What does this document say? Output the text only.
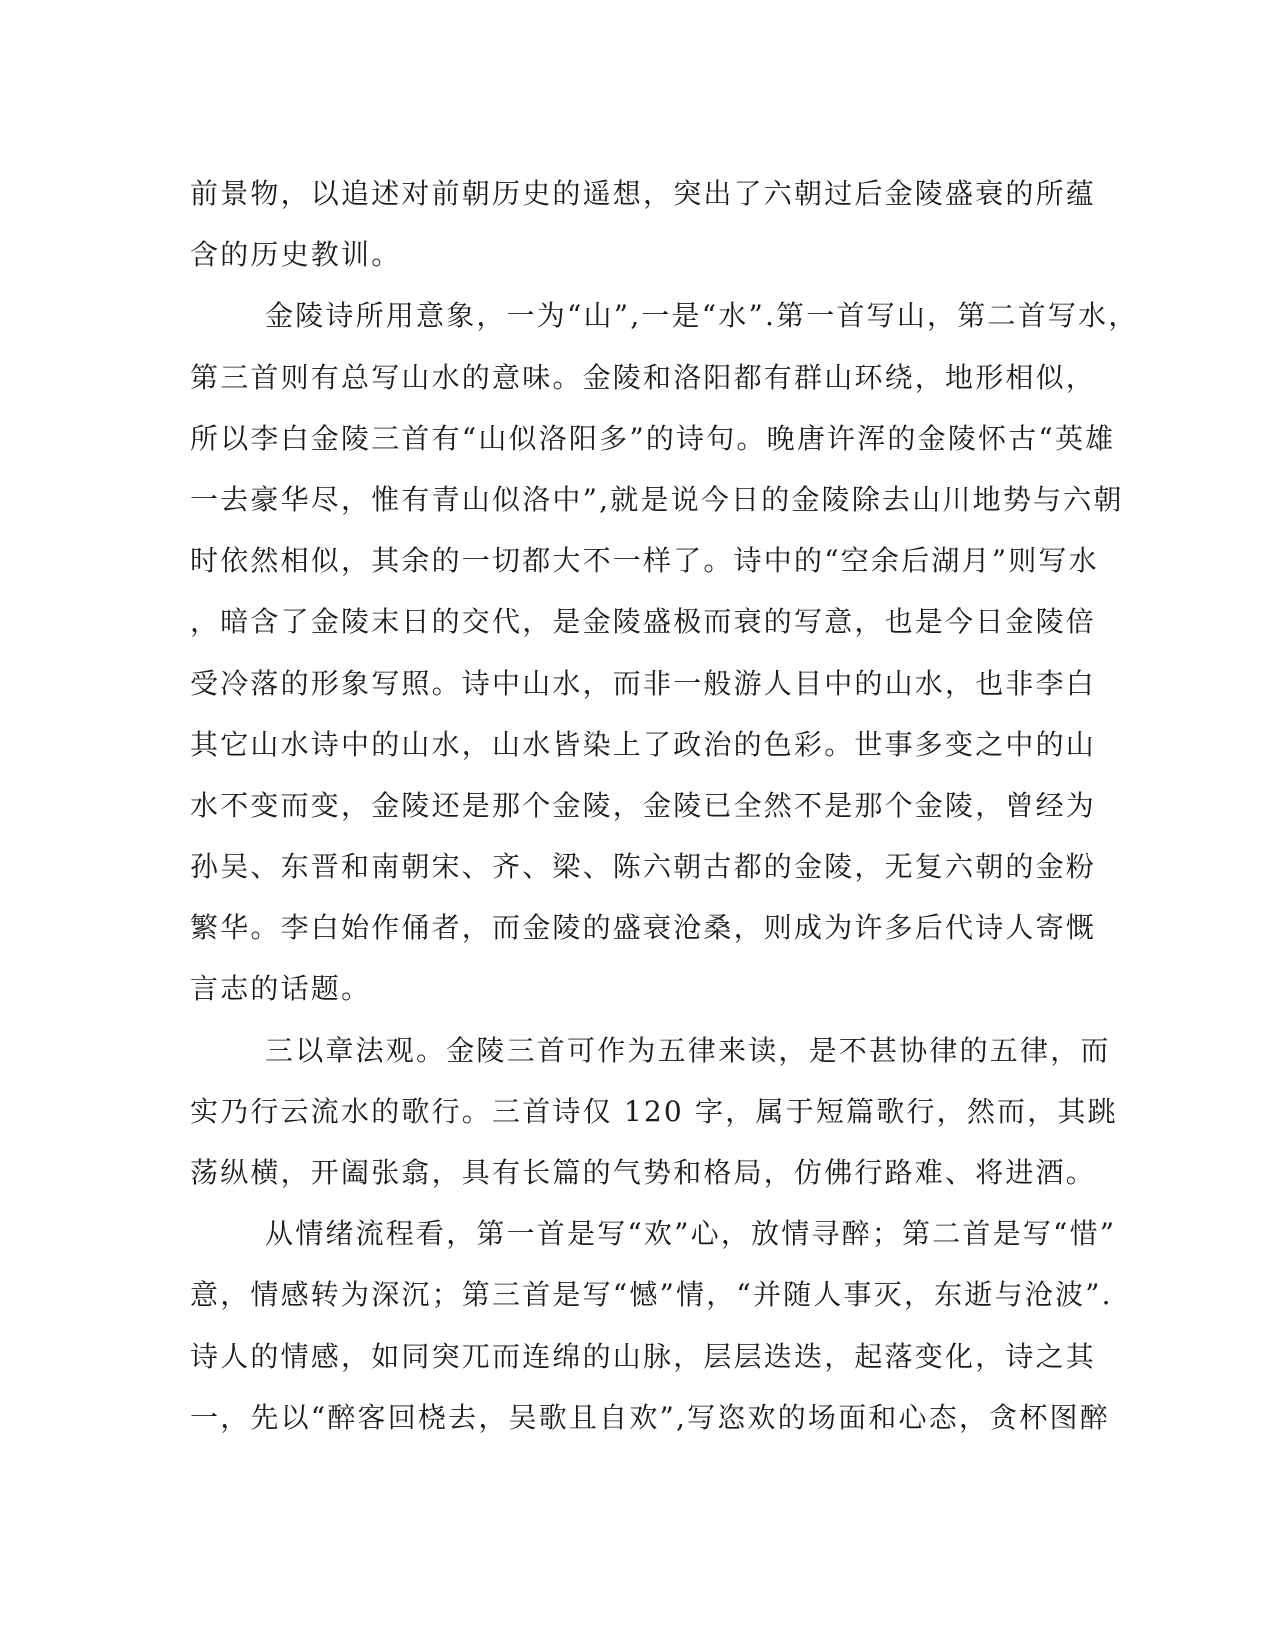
前景物，以追述对前朝历史的遥想，突出了六朝过后金陵盛衰的所蕴
含的历史教训。
金陵诗所用意象，一为“山”,一是“水”.第一首写山，第二首写水，
第三首则有总写山水的意味。金陵和洛阳都有群山环绕，地形相似，
所以李白金陵三首有“山似洛阳多”的诗句。晚唐许浑的金陵怀古“英雄
一去豪华尽，惟有青山似洛中”,就是说今日的金陵除去山川地势与六朝
时依然相似，其余的一切都大不一样了。诗中的“空余后湖月”则写水
，暗含了金陵末日的交代，是金陵盛极而衰的写意，也是今日金陵倍
受冷落的形象写照。诗中山水，而非一般游人目中的山水，也非李白
其它山水诗中的山水，山水皆染上了政治的色彩。世事多变之中的山
水不变而变，金陵还是那个金陵，金陵已全然不是那个金陵，曾经为
孙吴、东晋和南朝宋、齐、梁、陈六朝古都的金陵，无复六朝的金粉
繁华。李白始作俑者，而金陵的盛衰沧桑，则成为许多后代诗人寄慨
言志的话题。
三以章法观。金陵三首可作为五律来读，是不甚协律的五律，而
实乃行云流水的歌行。三首诗仅 120 字，属于短篇歌行，然而，其跳
荡纵横，开阖张翕，具有长篇的气势和格局，仿佛行路难、将进酒。
从情绪流程看，第一首是写“欢”心，放情寻醉；第二首是写“惜”
意，情感转为深沉；第三首是写“憾”情，“并随人事灭，东逝与沧波”.
诗人的情感，如同突兀而连绵的山脉，层层迭迭，起落变化，诗之其
一，先以“醉客回桡去，吴歌且自欢”,写恣欢的场面和心态，贪杯图醉
